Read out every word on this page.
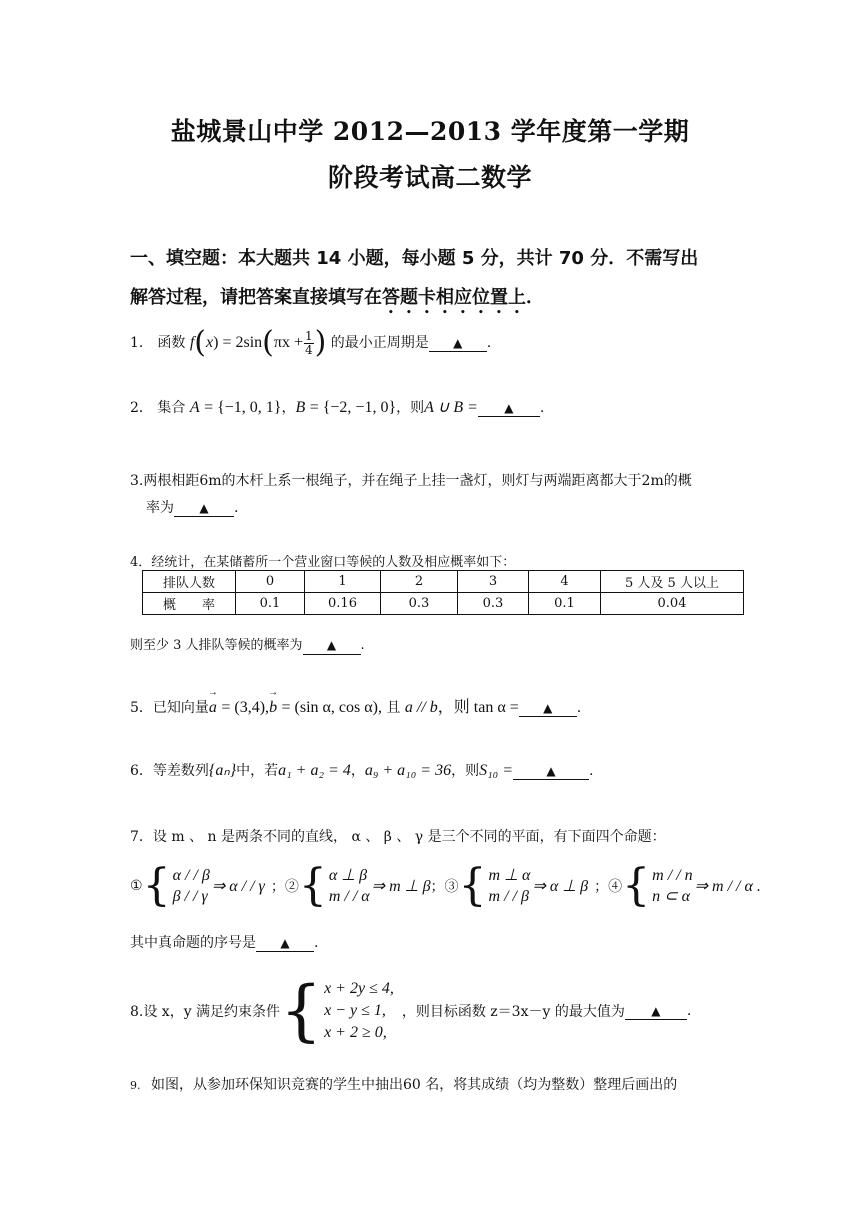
盐城景山中学 2012—2013 学年度第一学期
阶段考试高二数学
一、填空题：本大题共 14 小题，每小题 5 分，共计 70 分．不需写出
解答过程，请把答案直接填写在答题卡相应位置上．
1． 函数 $f(x) = 2\sin(\pi x + \frac{1}{4}$ ) 的最小正周期是 ▲ .
2． 集合 A = {−1, 0, 1}，B = {−2, −1, 0}，则A ∪ B = ▲ .
3.两根相距6m的木杆上系一根绳子，并在绳子上挂一盏灯，则灯与两端距离都大于2m的概
率为 ▲ .
4．经统计，在某储蓄所一个营业窗口等候的人数及相应概率如下：
排队人数	0	1	2	3	4	5 人及 5 人以上
概　　率	0.1	0.16	0.3	0.3	0.1	0.04
则至少 3 人排队等候的概率为 ▲ .
5．已知向量→ a = (3,4),→ b = (sin α, cos α), 且 a // b，则 tan α = ▲ .
6．等差数列{aₙ}中，若a₁ + a₂ = 4，a₉ + a₁₀ = 36，则S₁₀ =	▲ .
7．设 m 、 n 是两条不同的直线， α 、 β 、 γ 是三个不同的平面，有下面四个命题：
① { α / / β
β / / γ
⇒ α / / γ ；② { α ⊥ β
m / / α
⇒ m ⊥ β ；③ { m ⊥ α
m / / β
⇒ α ⊥ β ；④ { m / / n
n ⊂ α
⇒ m / / α .
其中真命题的序号是 ▲ .
8.设 x，y 满足约束条件 { x + 2y ≤ 4,
x − y ≤ 1,
x + 2 ≥ 0,
，则目标函数 z＝3x－y 的最大值为	▲	.
9. 如图，从参加环保知识竞赛的学生中抽出60 名，将其成绩（均为整数）整理后画出的
